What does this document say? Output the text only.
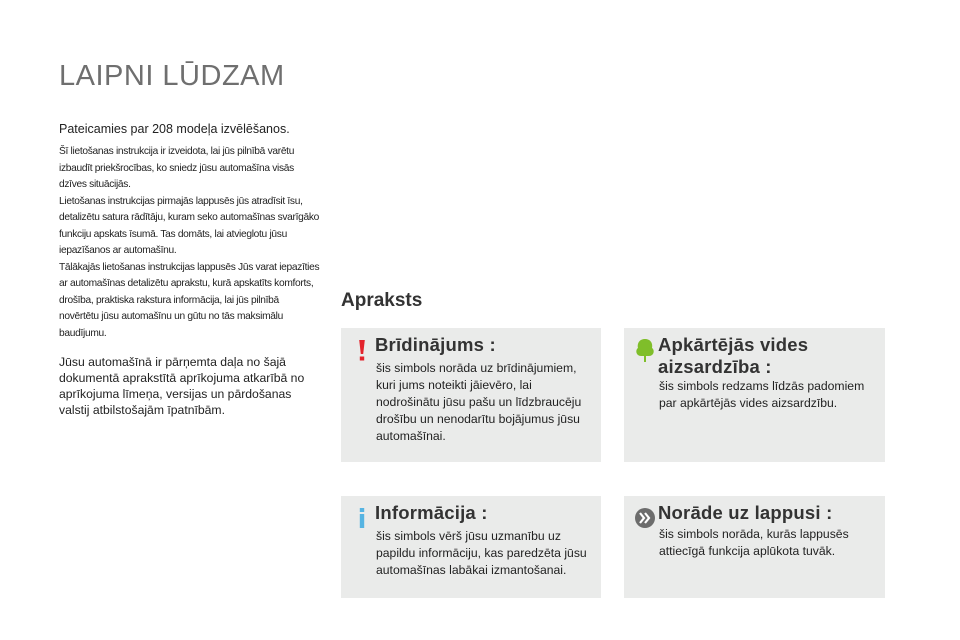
LAIPNI LŪDZAM

Pateicamies par 208 modeļa izvēlēšanos.

Šī lietošanas instrukcija ir izveidota, lai jūs pilnībā varētu izbaudīt priekšrocības, ko sniedz jūsu automašīna visās dzīves situācijās.

Lietošanas instrukcijas pirmajās lappusēs jūs atradīsit īsu, detalizētu satura rādītāju, kuram seko automašīnas svarīgāko funkciju apskats īsumā. Tas domāts, lai atvieglotu jūsu iepazīšanos ar automašīnu.

Tālākajās lietošanas instrukcijas lappusēs Jūs varat iepazīties ar automašīnas detalizētu aprakstu, kurā apskatīts komforts, drošība, praktiska rakstura informācija, lai jūs pilnībā novērtētu jūsu automašīnu un gūtu no tās maksimālu baudījumu.

Jūsu automašīnā ir pārņemta daļa no šajā dokumentā aprakstītā aprīkojuma atkarībā no aprīkojuma līmeņa, versijas un pārdošanas valstij atbilstošajām īpatnībām.

Apraksts
Brīdinājums :

šis simbols norāda uz brīdinājumiem, kuri jums noteikti jāievēro, lai nodrošinātu jūsu pašu un līdzbraucēju drošību un nenodarītu bojājumus jūsu automašīnai.

Apkārtējās vides aizsardzība :

šis simbols redzams līdzās padomiem par apkārtējās vides aizsardzību.

Informācija :

šis simbols vērš jūsu uzmanību uz papildu informāciju, kas paredzēta jūsu automašīnas labākai izmantošanai.

Norāde uz lappusi :

šis simbols norāda, kurās lappusēs attiecīgā funkcija aplūkota tuvāk.
